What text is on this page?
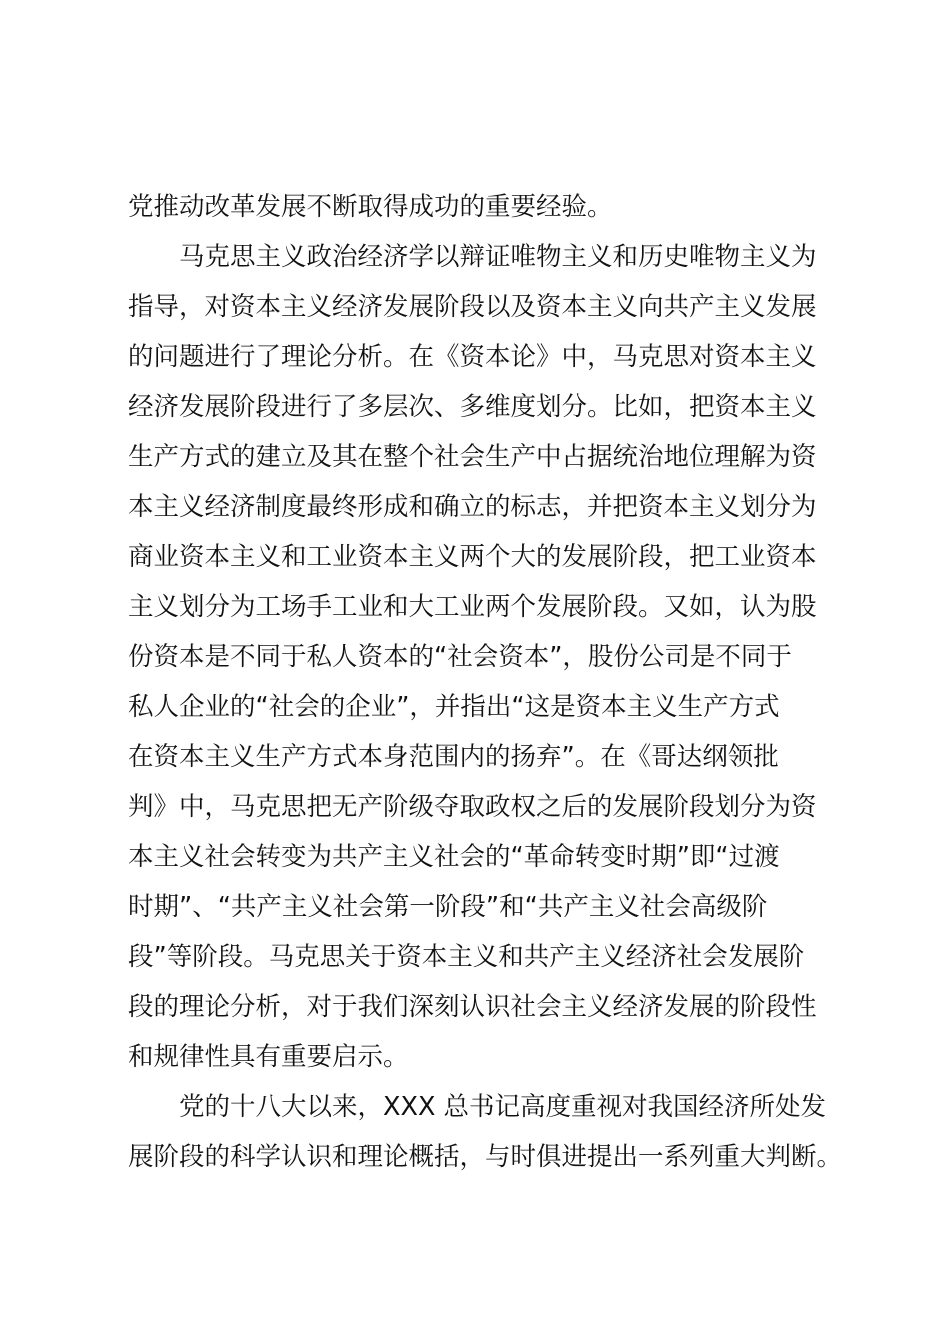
党推动改革发展不断取得成功的重要经验。
马克思主义政治经济学以辩证唯物主义和历史唯物主义为
指导，对资本主义经济发展阶段以及资本主义向共产主义发展
的问题进行了理论分析。在《资本论》中，马克思对资本主义
经济发展阶段进行了多层次、多维度划分。比如，把资本主义
生产方式的建立及其在整个社会生产中占据统治地位理解为资
本主义经济制度最终形成和确立的标志，并把资本主义划分为
商业资本主义和工业资本主义两个大的发展阶段，把工业资本
主义划分为工场手工业和大工业两个发展阶段。又如，认为股
份资本是不同于私人资本的“社会资本”，股份公司是不同于
私人企业的“社会的企业”，并指出“这是资本主义生产方式
在资本主义生产方式本身范围内的扬弃”。在《哥达纲领批
判》中，马克思把无产阶级夺取政权之后的发展阶段划分为资
本主义社会转变为共产主义社会的“革命转变时期”即“过渡
时期”、“共产主义社会第一阶段”和“共产主义社会高级阶
段”等阶段。马克思关于资本主义和共产主义经济社会发展阶
段的理论分析，对于我们深刻认识社会主义经济发展的阶段性
和规律性具有重要启示。
党的十八大以来，XXX 总书记高度重视对我国经济所处发
展阶段的科学认识和理论概括，与时俱进提出一系列重大判断。
